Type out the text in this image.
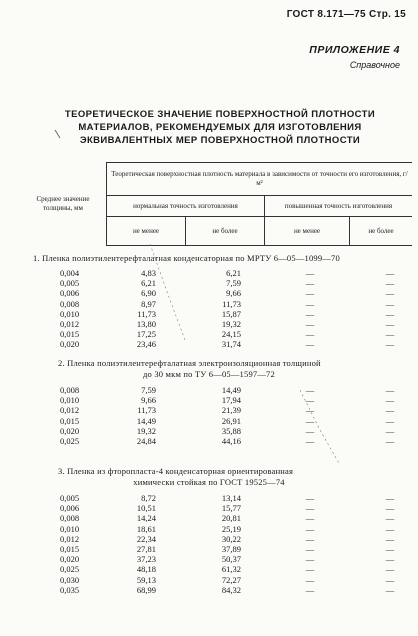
ГОСТ 8.171—75 Стр. 15
ПРИЛОЖЕНИЕ 4
Справочное
ТЕОРЕТИЧЕСКОЕ ЗНАЧЕНИЕ ПОВЕРХНОСТНОЙ ПЛОТНОСТИ
МАТЕРИАЛОВ, РЕКОМЕНДУЕМЫХ ДЛЯ ИЗГОТОВЛЕНИЯ
ЭКВИВАЛЕНТНЫХ МЕР ПОВЕРХНОСТНОЙ ПЛОТНОСТИ
Среднее значение толщины, мм	Теоретическая поверхностная плотность материала в зависимости от точности его изготовления, г/м²			
	нормальная точность изготовления		повышенная точность изготовления	
	не менее	не более	не менее	не более
1. Пленка полиэтилентерефталатная конденсаторная по МРТУ 6—05—1099—70
0,004	4,83	6,21	—	—
0,005	6,21	7,59	—	—
0,006	6,90	9,66	—	—
0,008	8,97	11,73	—	—
0,010	11,73	15,87	—	—
0,012	13,80	19,32	—	—
0,015	17,25	24,15	—	—
0,020	23,46	31,74	—	—
2. Пленка полиэтилентерефталатная электроизоляционная толщиной
до 30 мкм по ТУ 6—05—1597—72
0,008	7,59	14,49	—	—
0,010	9,66	17,94	—	—
0,012	11,73	21,39	—	—
0,015	14,49	26,91	—	—
0,020	19,32	35,88	—	—
0,025	24,84	44,16	—	—
3. Пленка из фторопласта-4 конденсаторная ориентированная
химически стойкая по ГОСТ 19525—74
0,005	8,72	13,14	—	—
0,006	10,51	15,77	—	—
0,008	14,24	20,81	—	—
0,010	18,61	25,19	—	—
0,012	22,34	30,22	—	—
0,015	27,81	37,89	—	—
0,020	37,23	50,37	—	—
0,025	48,18	61,32	—	—
0,030	59,13	72,27	—	—
0,035	68,99	84,32	—	—
